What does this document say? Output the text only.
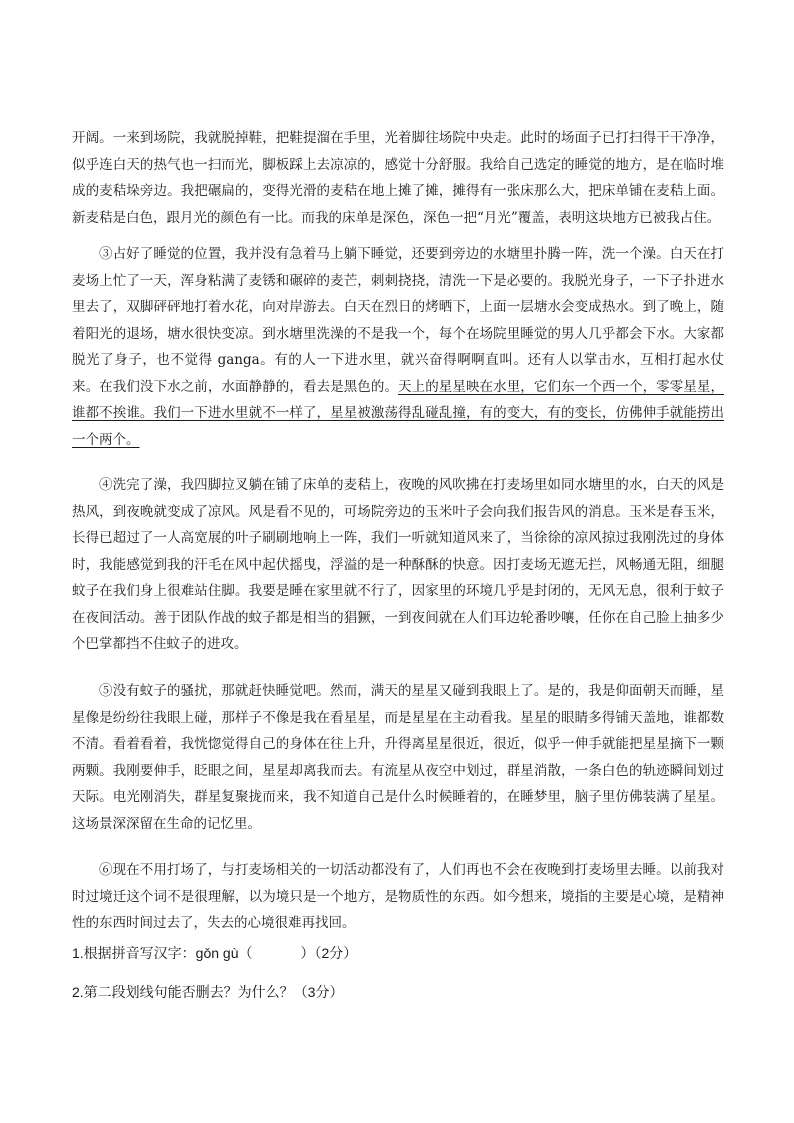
开阔。一来到场院，我就脱掉鞋，把鞋提溜在手里，光着脚往场院中央走。此时的场面子已打扫得干干净净，似乎连白天的热气也一扫而光，脚板踩上去凉凉的，感觉十分舒服。我给自己选定的睡觉的地方，是在临时堆成的麦秸垛旁边。我把碾扁的，变得光滑的麦秸在地上摊了摊，摊得有一张床那么大，把床单铺在麦秸上面。新麦秸是白色，跟月光的颜色有一比。而我的床单是深色，深色一把“月光”覆盖，表明这块地方已被我占住。

③占好了睡觉的位置，我并没有急着马上躺下睡觉，还要到旁边的水塘里扑腾一阵，洗一个澡。白天在打麦场上忙了一天，浑身粘满了麦锈和碾碎的麦芒，刺刺挠挠，清洗一下是必要的。我脱光身子，一下子扑进水里去了，双脚砰砰地打着水花，向对岸游去。白天在烈日的烤晒下，上面一层塘水会变成热水。到了晚上，随着阳光的退场，塘水很快变凉。到水塘里洗澡的不是我一个，每个在场院里睡觉的男人几乎都会下水。大家都脱光了身子，也不觉得 ganga。有的人一下进水里，就兴奋得啊啊直叫。还有人以掌击水，互相打起水仗来。在我们没下水之前，水面静静的，看去是黑色的。天上的星星映在水里，它们东一个西一个，零零星星，谁都不挨谁。我们一下进水里就不一样了，星星被激荡得乱碰乱撞，有的变大，有的变长，仿佛伸手就能捞出一个两个。

④洗完了澡，我四脚拉叉躺在铺了床单的麦秸上，夜晚的风吹拂在打麦场里如同水塘里的水，白天的风是热风，到夜晚就变成了凉风。风是看不见的，可场院旁边的玉米叶子会向我们报告风的消息。玉米是春玉米，长得已超过了一人高宽展的叶子刷刷地响上一阵，我们一听就知道风来了，当徐徐的凉风掠过我刚洗过的身体时，我能感觉到我的汗毛在风中起伏摇曳，浮溢的是一种酥酥的快意。因打麦场无遮无拦，风畅通无阻，细腿蚊子在我们身上很难站住脚。我要是睡在家里就不行了，因家里的环境几乎是封闭的，无风无息，很利于蚊子在夜间活动。善于团队作战的蚊子都是相当的猖獗，一到夜间就在人们耳边轮番吵嚷，任你在自己脸上抽多少个巴掌都挡不住蚊子的进攻。

⑤没有蚊子的骚扰，那就赶快睡觉吧。然而，满天的星星又碰到我眼上了。是的，我是仰面朝天而睡，星星像是纷纷往我眼上碰，那样子不像是我在看星星，而是星星在主动看我。星星的眼睛多得铺天盖地，谁都数不清。看着看着，我恍惚觉得自己的身体在往上升，升得离星星很近，很近，似乎一伸手就能把星星摘下一颗两颗。我刚要伸手，眨眼之间，星星却离我而去。有流星从夜空中划过，群星消散，一条白色的轨迹瞬间划过天际。电光刚消失，群星复聚拢而来，我不知道自己是什么时候睡着的，在睡梦里，脑子里仿佛装满了星星。这场景深深留在生命的记忆里。

⑥现在不用打场了，与打麦场相关的一切活动都没有了，人们再也不会在夜晚到打麦场里去睡。以前我对时过境迁这个词不是很理解，以为境只是一个地方，是物质性的东西。如今想来，境指的主要是心境，是精神性的东西时间过去了，失去的心境很难再找回。

1.根据拼音写汉字：gǒn gù（	）（2分）

2.第二段划线句能否删去？为什么？（3分）
